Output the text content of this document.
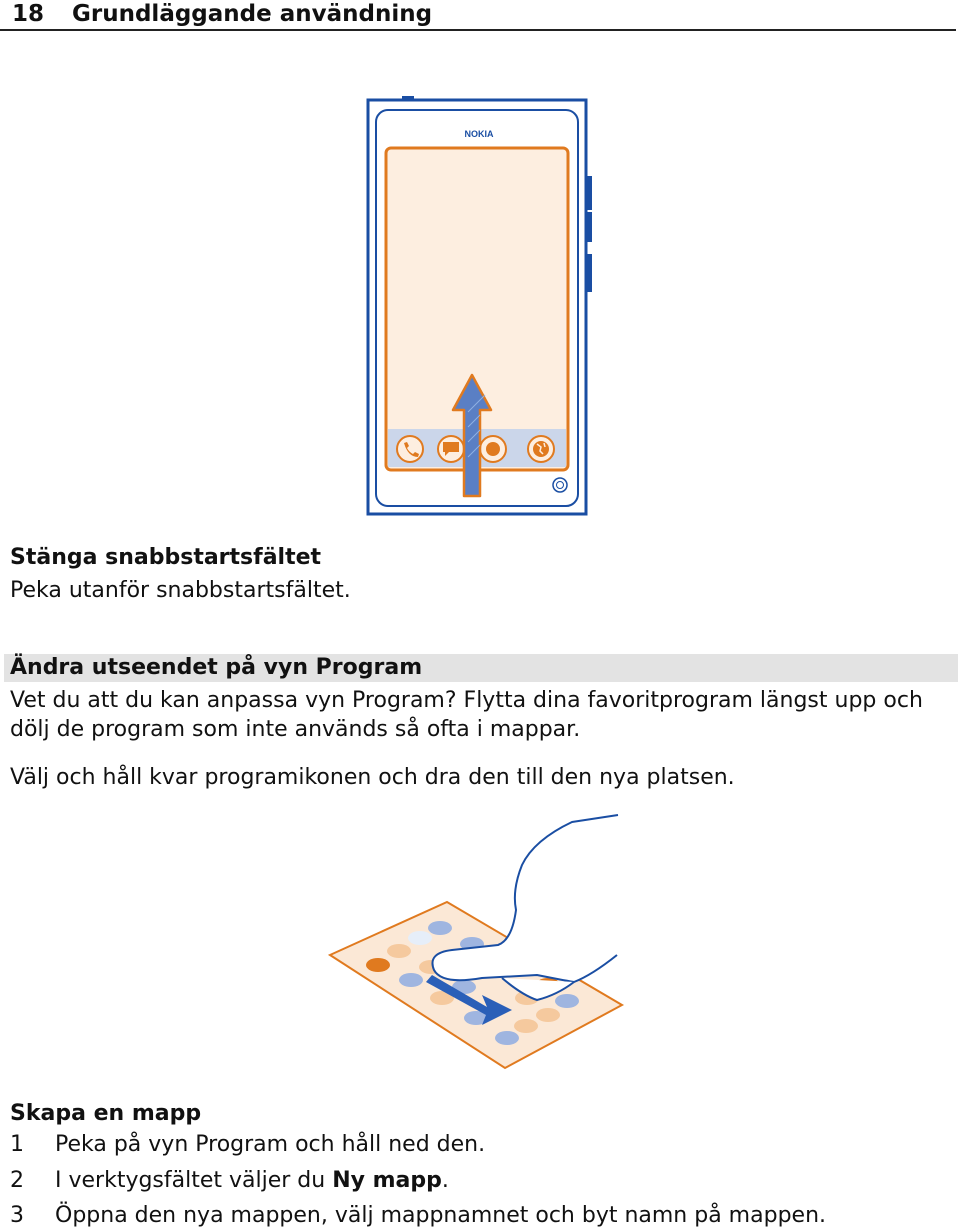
18 Grundläggande användning
NOKIA
Stänga snabbstartsfältet
Peka utanför snabbstartsfältet.
Ändra utseendet på vyn Program
Vet du att du kan anpassa vyn Program? Flytta dina favoritprogram längst upp och
dölj de program som inte används så ofta i mappar.
Välj och håll kvar programikonen och dra den till den nya platsen.
Skapa en mapp
1 Peka på vyn Program och håll ned den.
2 I verktygsfältet väljer du Ny mapp.
3 Öppna den nya mappen, välj mappnamnet och byt namn på mappen.
